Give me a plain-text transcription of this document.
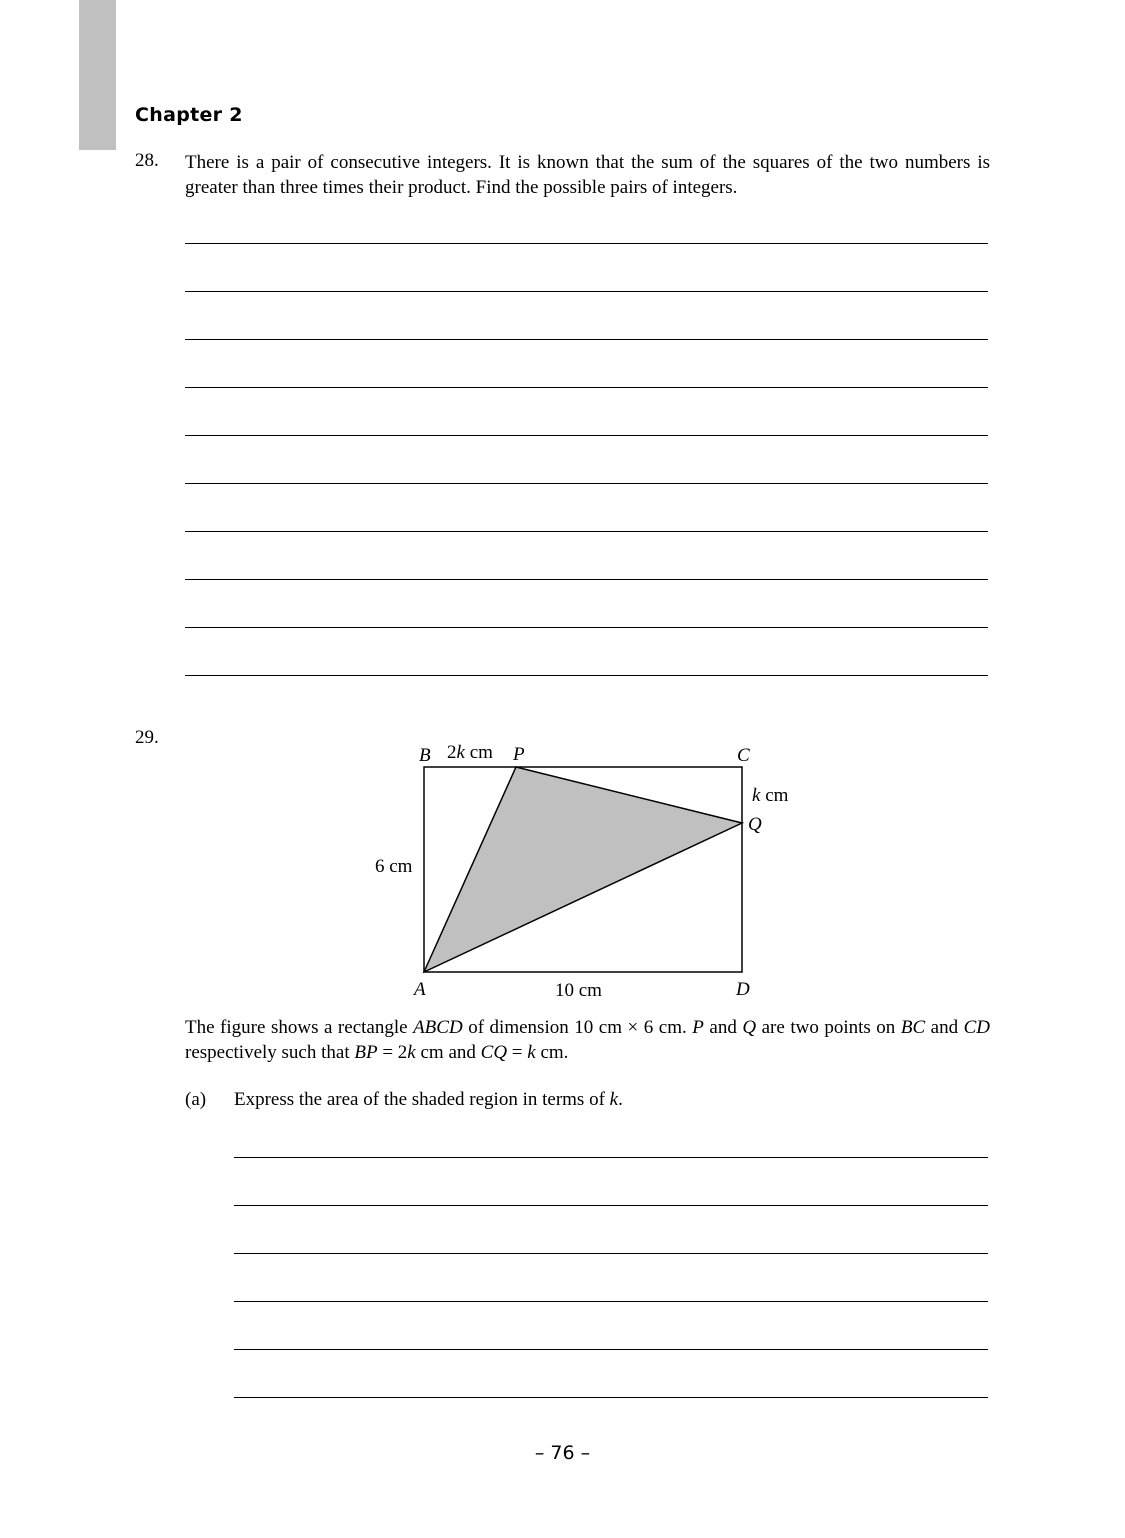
Chapter 2
28. There is a pair of consecutive integers. It is known that the sum of the squares of the two numbers is greater than three times their product. Find the possible pairs of integers.
29.
B 2k cm P	C
k cm
Q
6 cm
A	10 cm	D
The figure shows a rectangle ABCD of dimension 10 cm × 6 cm. P and Q are two points on BC and CD respectively such that BP = 2k cm and CQ = k cm.
(a) Express the area of the shaded region in terms of k.
– 76 –
